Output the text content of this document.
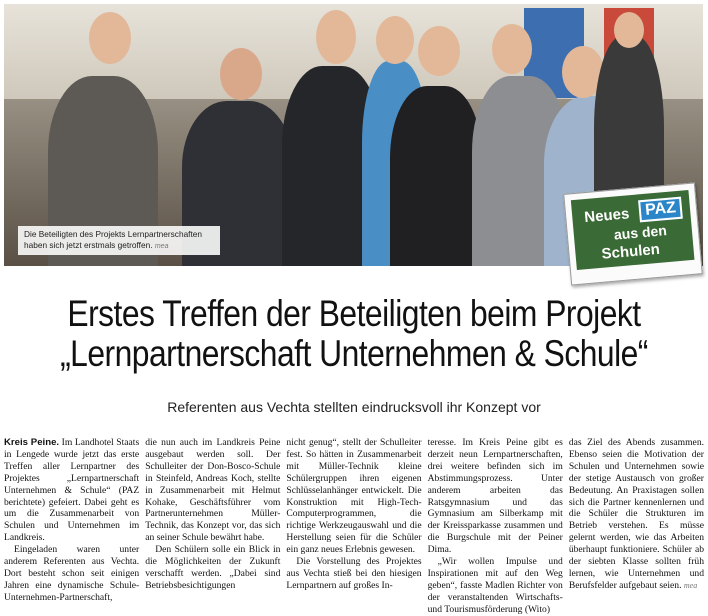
Die Beteiligten des Projekts Lernpartnerschaften haben sich jetzt erstmals getroffen. mea
Neues PAZ
aus den
Schulen
Erstes Treffen der Beteiligten beim Projekt
„Lernpartnerschaft Unternehmen & Schule“
Referenten aus Vechta stellten eindrucksvoll ihr Konzept vor

Kreis Peine. Im Landhotel Staats in Lengede wurde jetzt das erste Treffen aller Lernpartner des Projektes „Lernpartnerschaft Unternehmen & Schule“ (PAZ berichtete) gefeiert. Dabei geht es um die Zusammenarbeit von Schulen und Unternehmen im Landkreis.

Eingeladen waren unter anderem Referenten aus Vechta. Dort besteht schon seit einigen Jahren eine dynamische Schule-Unternehmen-Partnerschaft,

die nun auch im Landkreis Peine ausgebaut werden soll. Der Schulleiter der Don-Bosco-Schule in Steinfeld, Andreas Koch, stellte in Zusammenarbeit mit Helmut Kohake, Geschäftsführer vom Partnerunternehmen Müller-Technik, das Konzept vor, das sich an seiner Schule bewährt habe.

Den Schülern solle ein Blick in die Möglichkeiten der Zukunft verschafft werden. „Dabei sind Betriebsbesichtigungen

nicht genug“, stellt der Schulleiter fest. So hätten in Zusammenarbeit mit Müller-Technik kleine Schülergruppen ihren eigenen Schlüsselanhänger entwickelt. Die Konstruktion mit High-Tech-Computerprogrammen, die richtige Werkzeugauswahl und die Herstellung seien für die Schüler ein ganz neues Erlebnis gewesen.

Die Vorstellung des Projektes aus Vechta stieß bei den hiesigen Lernpartnern auf großes In-

teresse. Im Kreis Peine gibt es derzeit neun Lernpartnerschaften, drei weitere befinden sich im Abstimmungsprozess. Unter anderem arbeiten das Ratsgymnasium und das Gymnasium am Silberkamp mit der Kreissparkasse zusammen und die Burgschule mit der Peiner Dima.

„Wir wollen Impulse und Inspirationen mit auf den Weg geben“, fasste Madlen Richter von der veranstaltenden Wirtschafts- und Tourismusförderung (Wito)

das Ziel des Abends zusammen. Ebenso seien die Motivation der Schulen und Unternehmen sowie der stetige Austausch von großer Bedeutung. An Praxistagen sollen sich die Partner kennenlernen und die Schüler die Strukturen im Betrieb verstehen. Es müsse gelernt werden, wie das Arbeiten überhaupt funktioniere. Schüler ab der siebten Klasse sollten früh lernen, wie Unternehmen und Berufsfelder aufgebaut seien. mea
